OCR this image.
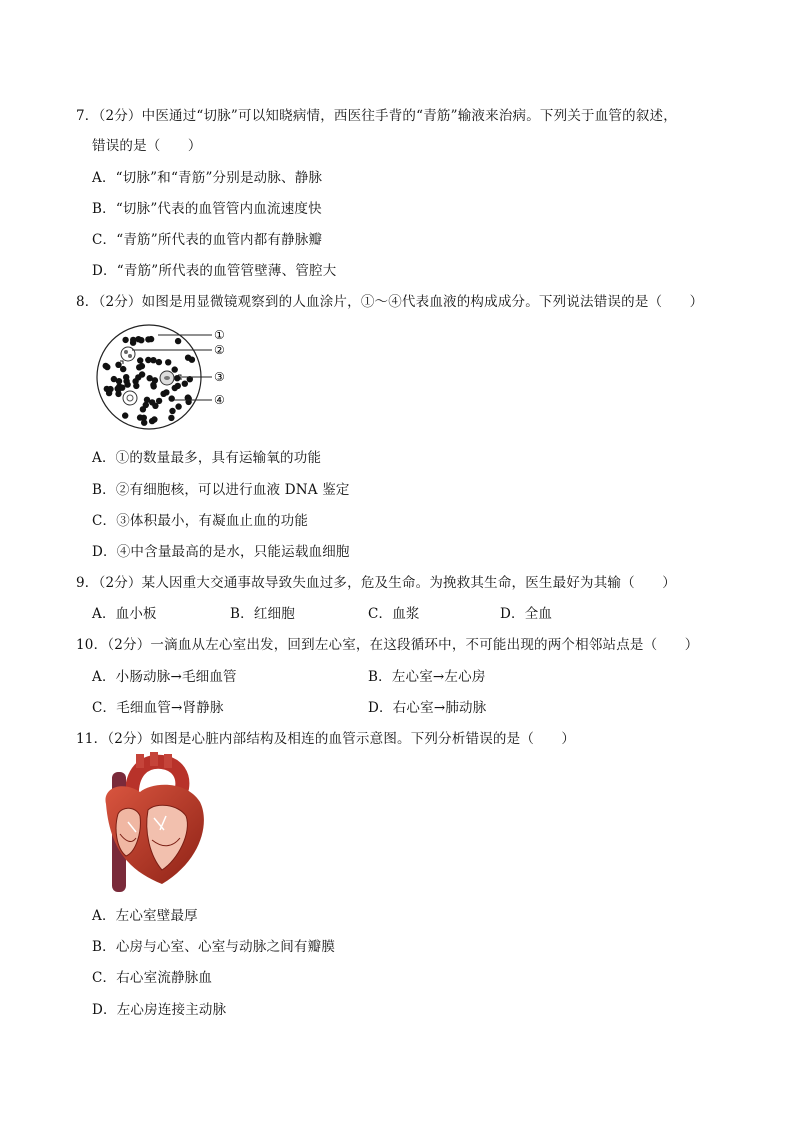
7．（2分）中医通过“切脉”可以知晓病情，西医往手背的“青筋”输液来治病。下列关于血管的叙述，
错误的是（　　）
A．“切脉”和“青筋”分别是动脉、静脉
B．“切脉”代表的血管管内血流速度快
C．“青筋”所代表的血管内都有静脉瓣
D．“青筋”所代表的血管管壁薄、管腔大
8．（2分）如图是用显微镜观察到的人血涂片，①～④代表血液的构成成分。下列说法错误的是（　　）
①
②
③
④
A．①的数量最多，具有运输氧的功能
B．②有细胞核，可以进行血液 DNA 鉴定
C．③体积最小，有凝血止血的功能
D．④中含量最高的是水，只能运载血细胞
9．（2分）某人因重大交通事故导致失血过多，危及生命。为挽救其生命，医生最好为其输（　　）
A．血小板	B．红细胞	C．血浆	D．全血
10．（2分）一滴血从左心室出发，回到左心室，在这段循环中，不可能出现的两个相邻站点是（　　）
A．小肠动脉→毛细血管	B．左心室→左心房
C．毛细血管→肾静脉	D．右心室→肺动脉
11．（2分）如图是心脏内部结构及相连的血管示意图。下列分析错误的是（　　）
A．左心室壁最厚
B．心房与心室、心室与动脉之间有瓣膜
C．右心室流静脉血
D．左心房连接主动脉
